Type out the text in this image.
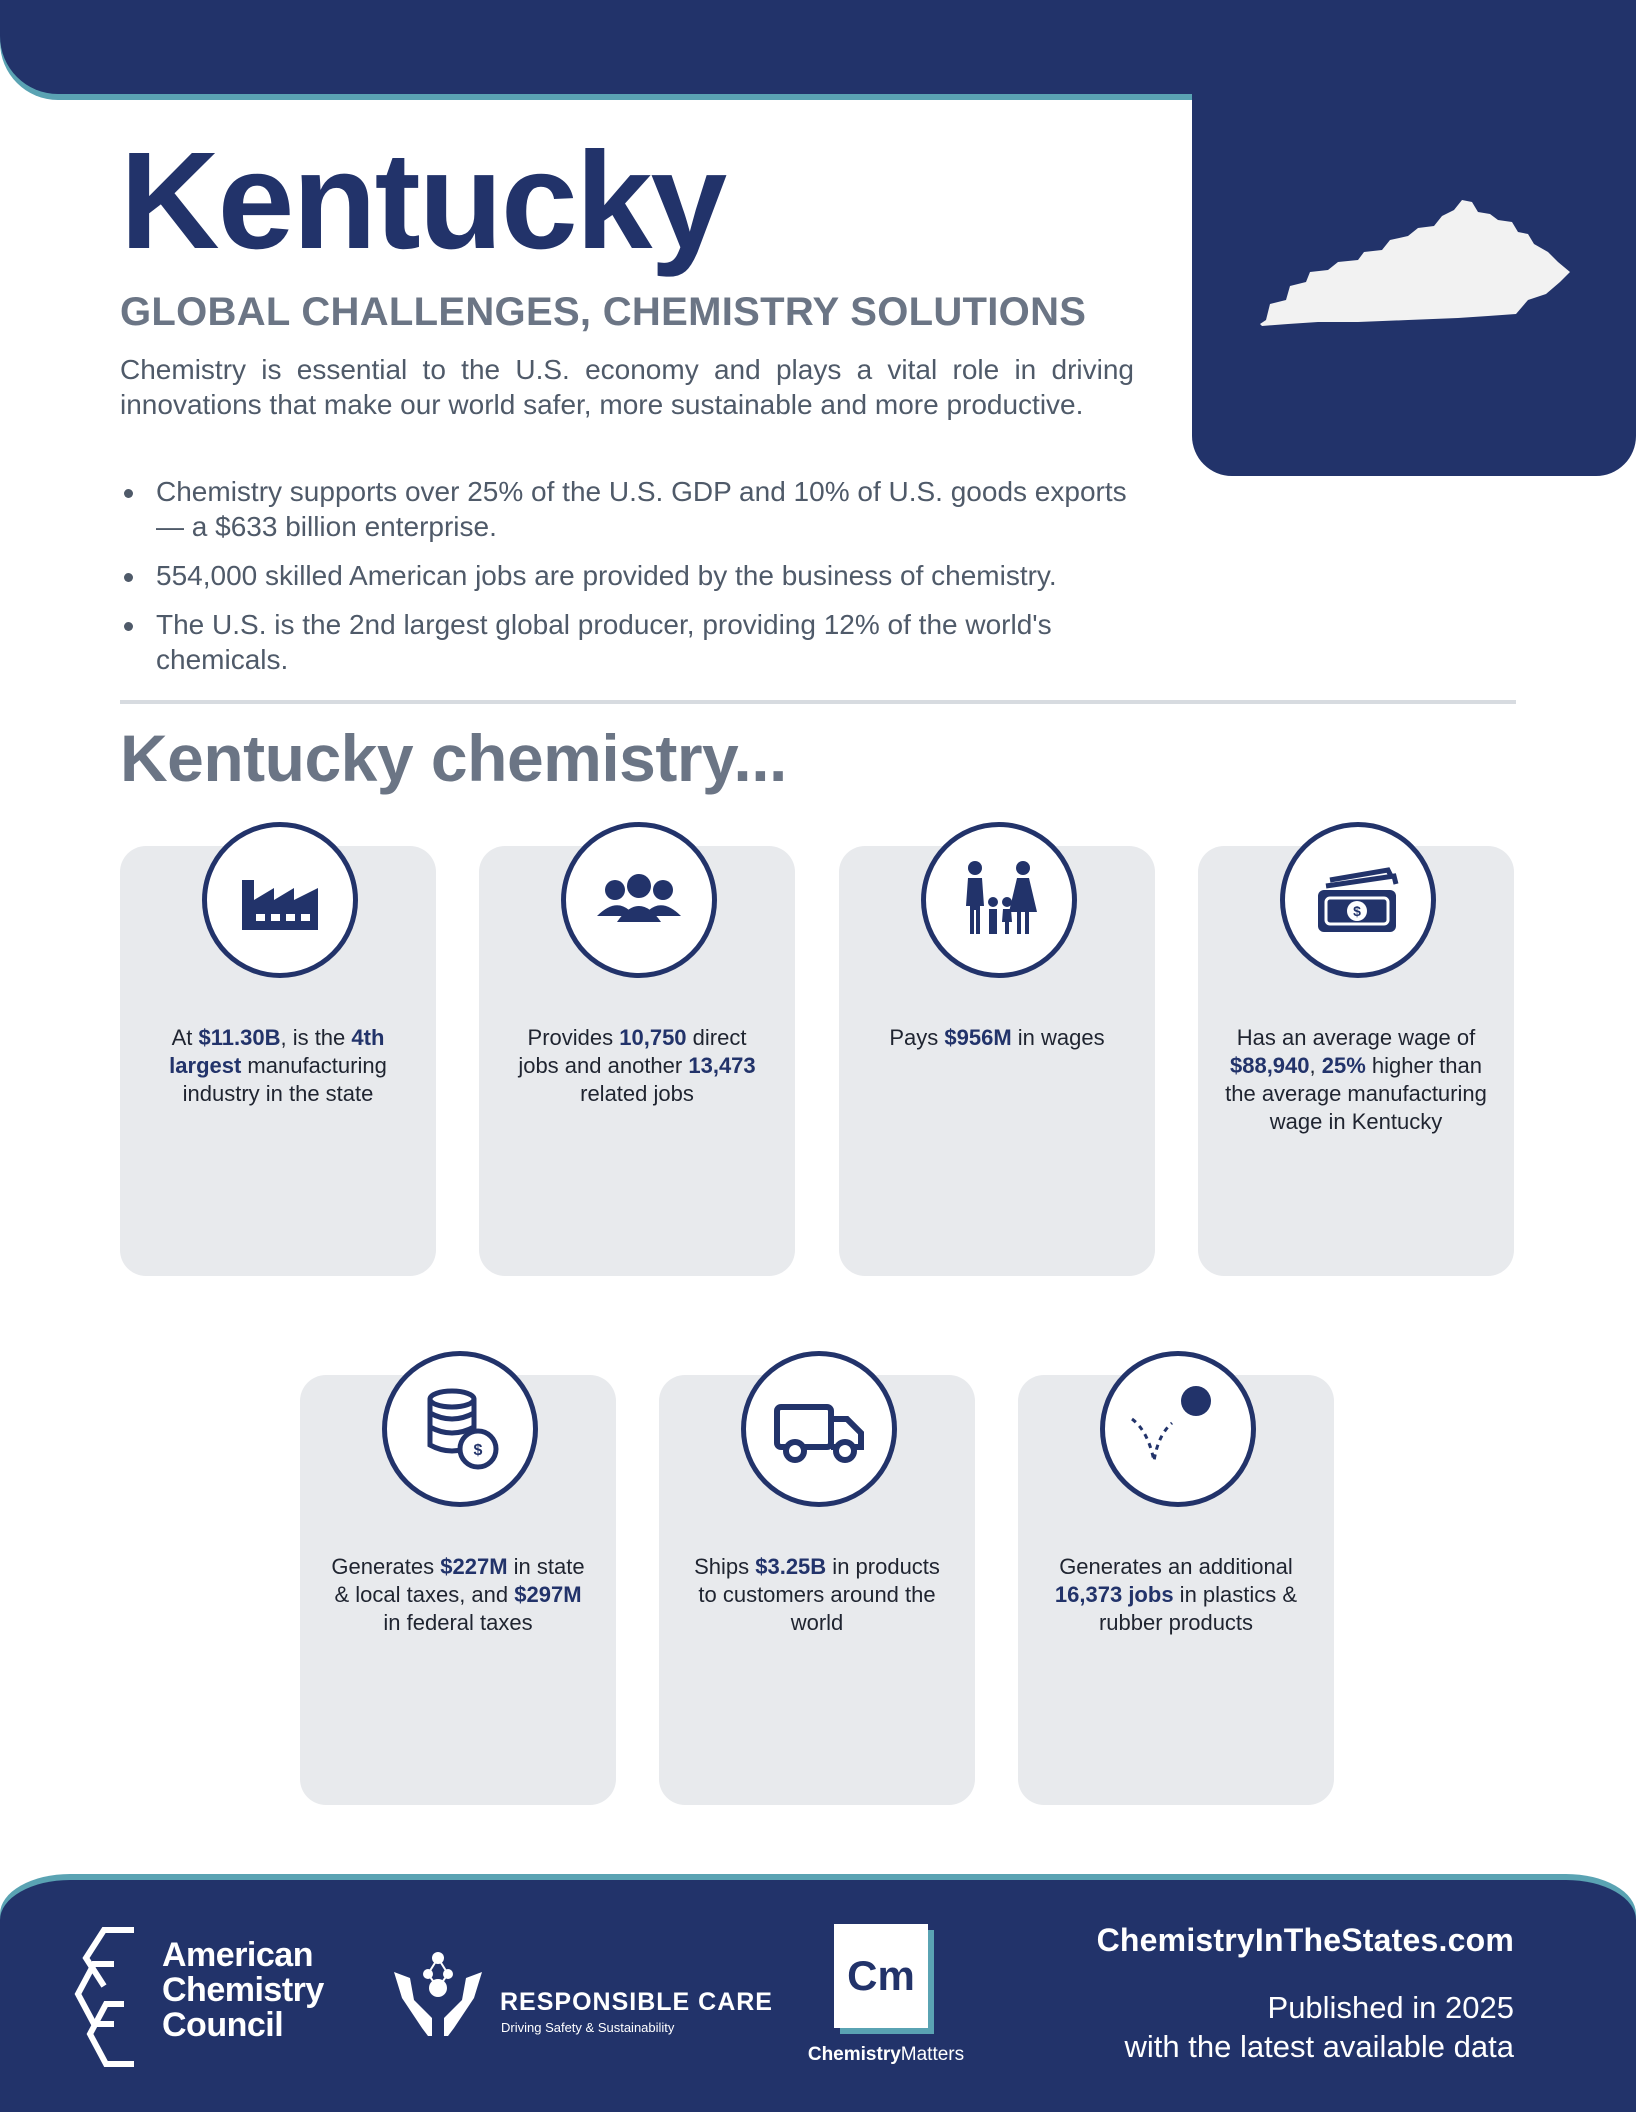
Kentucky
GLOBAL CHALLENGES, CHEMISTRY SOLUTIONS

Chemistry is essential to the U.S. economy and plays a vital role in driving innovations that make our world safer, more sustainable and more productive.

Chemistry supports over 25% of the U.S. GDP and 10% of U.S. goods exports — a $633 billion enterprise.
554,000 skilled American jobs are provided by the business of chemistry.
The U.S. is the 2nd largest global producer, providing 12% of the world's chemicals.
Kentucky chemistry...

At $11.30B, is the 4th largest manufacturing industry in the state

Provides 10,750 direct jobs and another 13,473 related jobs

Pays $956M in wages

$

Has an average wage of $88,940, 25% higher than the average manufacturing wage in Kentucky

$

Generates $227M in state & local taxes, and $297M in federal taxes

Ships $3.25B in products to customers around the world

Generates an additional 16,373 jobs in plastics & rubber products

American
Chemistry
Council
RESPONSIBLE CARE
Driving Safety & Sustainability
Cm
ChemistryMatters

ChemistryInTheStates.com

Published in 2025
with the latest available data
